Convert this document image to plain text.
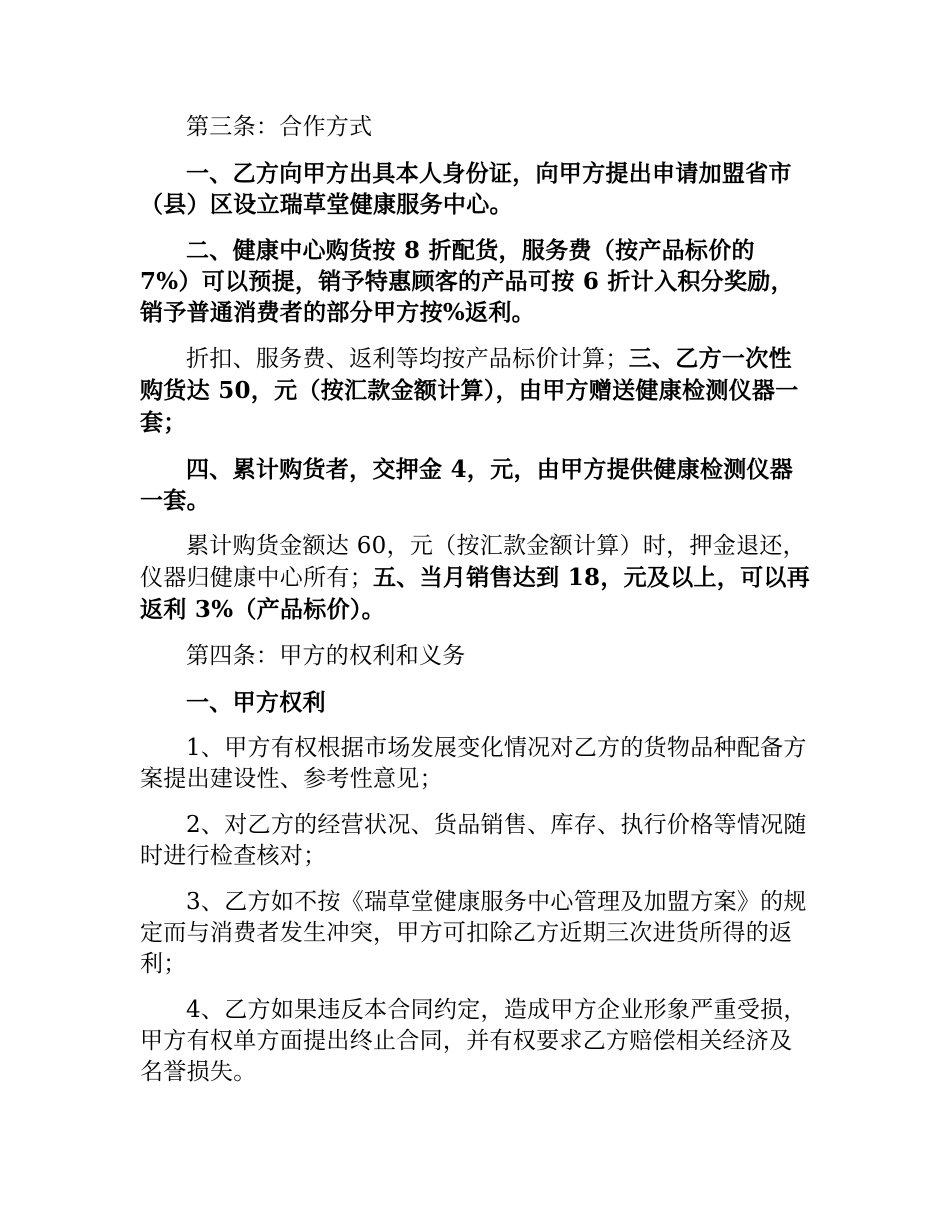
第三条：合作方式

一、乙方向甲方出具本人身份证，向甲方提出申请加盟省市（县）区设立瑞草堂健康服务中心。

二、健康中心购货按 8 折配货，服务费（按产品标价的 7%）可以预提，销予特惠顾客的产品可按 6 折计入积分奖励，销予普通消费者的部分甲方按%返利。

折扣、服务费、返利等均按产品标价计算；三、乙方一次性购货达 50，元（按汇款金额计算），由甲方赠送健康检测仪器一套；

四、累计购货者，交押金 4，元，由甲方提供健康检测仪器一套。

累计购货金额达 60，元（按汇款金额计算）时，押金退还，仪器归健康中心所有；五、当月销售达到 18，元及以上，可以再返利 3%（产品标价）。

第四条：甲方的权利和义务

一、甲方权利

1、甲方有权根据市场发展变化情况对乙方的货物品种配备方案提出建设性、参考性意见；

2、对乙方的经营状况、货品销售、库存、执行价格等情况随时进行检查核对；

3、乙方如不按《瑞草堂健康服务中心管理及加盟方案》的规定而与消费者发生冲突，甲方可扣除乙方近期三次进货所得的返利；

4、乙方如果违反本合同约定，造成甲方企业形象严重受损，甲方有权单方面提出终止合同，并有权要求乙方赔偿相关经济及名誉损失。
